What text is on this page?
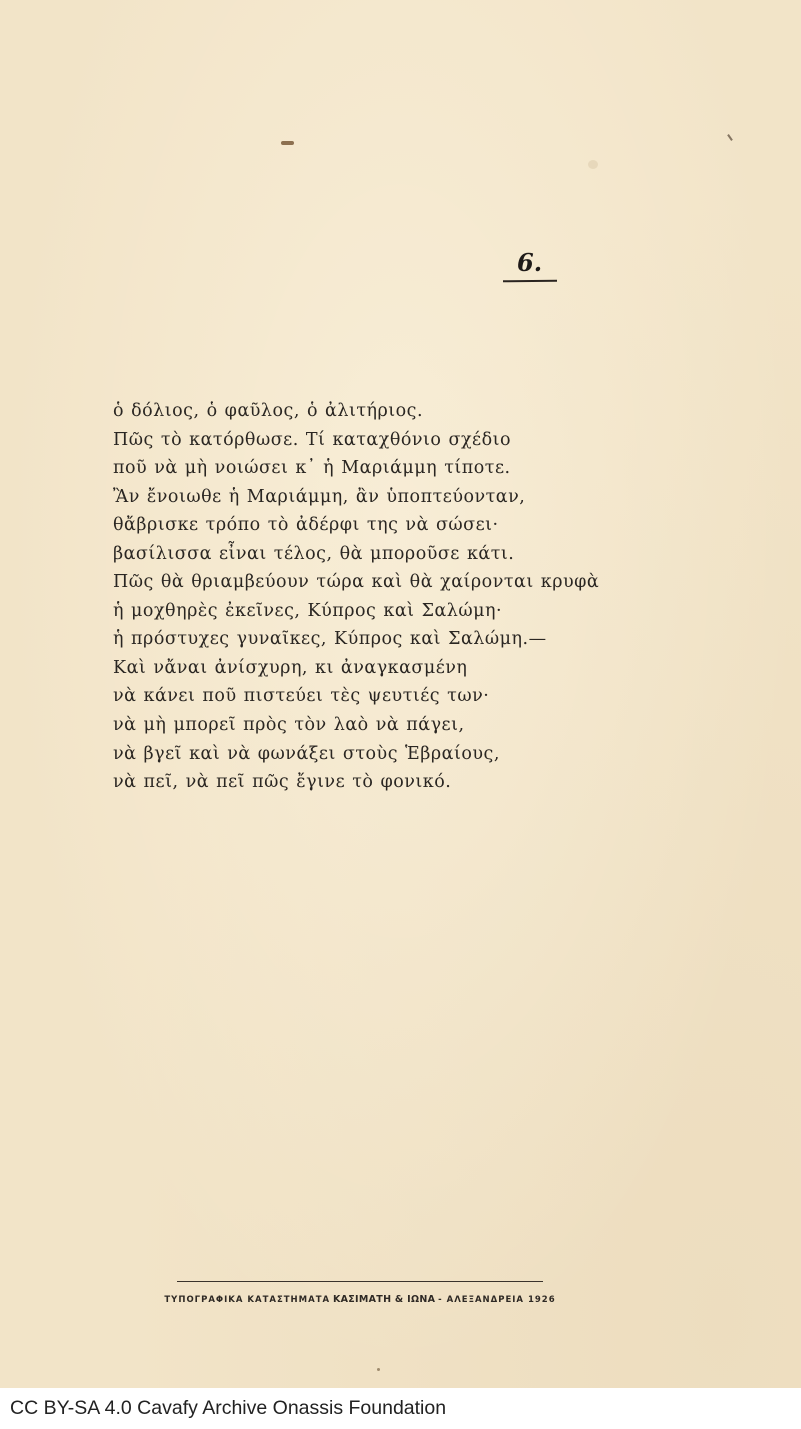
6.
ὁ δόλιος, ὁ φαῦλος, ὁ ἀλιτήριος.
Πῶς τὸ κατόρθωσε. Τί καταχθόνιο σχέδιο
ποῦ νὰ μὴ νοιώσει κ᾽ ἡ Μαριάμμη τίποτε.
Ἂν ἔνοιωθε ἡ Μαριάμμη, ἂν ὑποπτεύονταν,
θἄβρισκε τρόπο τὸ ἀδέρφι της νὰ σώσει·
βασίλισσα εἶναι τέλος, θὰ μποροῦσε κάτι.
Πῶς θὰ θριαμβεύουν τώρα καὶ θὰ χαίρονται κρυφὰ
ἡ μοχθηρὲς ἐκεῖνες, Κύπρος καὶ Σαλώμη·
ἡ πρόστυχες γυναῖκες, Κύπρος καὶ Σαλώμη.—
Καὶ νἄναι ἀνίσχυρη, κι ἀναγκασμένη
νὰ κάνει ποῦ πιστεύει τὲς ψευτιές των·
νὰ μὴ μπορεῖ πρὸς τὸν λαὸ νὰ πάγει,
νὰ βγεῖ καὶ νὰ φωνάξει στοὺς Ἑβραίους,
νὰ πεῖ, νὰ πεῖ πῶς ἔγινε τὸ φονικό.
ΤΥΠΟΓΡΑΦΙΚΑ ΚΑΤΑΣΤΗΜΑΤΑ ΚΑΣΙΜΑΤΗ & ΙΩΝΑ - ΑΛΕΞΑΝΔΡΕΙΑ 1926
CC BY-SA 4.0 Cavafy Archive Onassis Foundation
